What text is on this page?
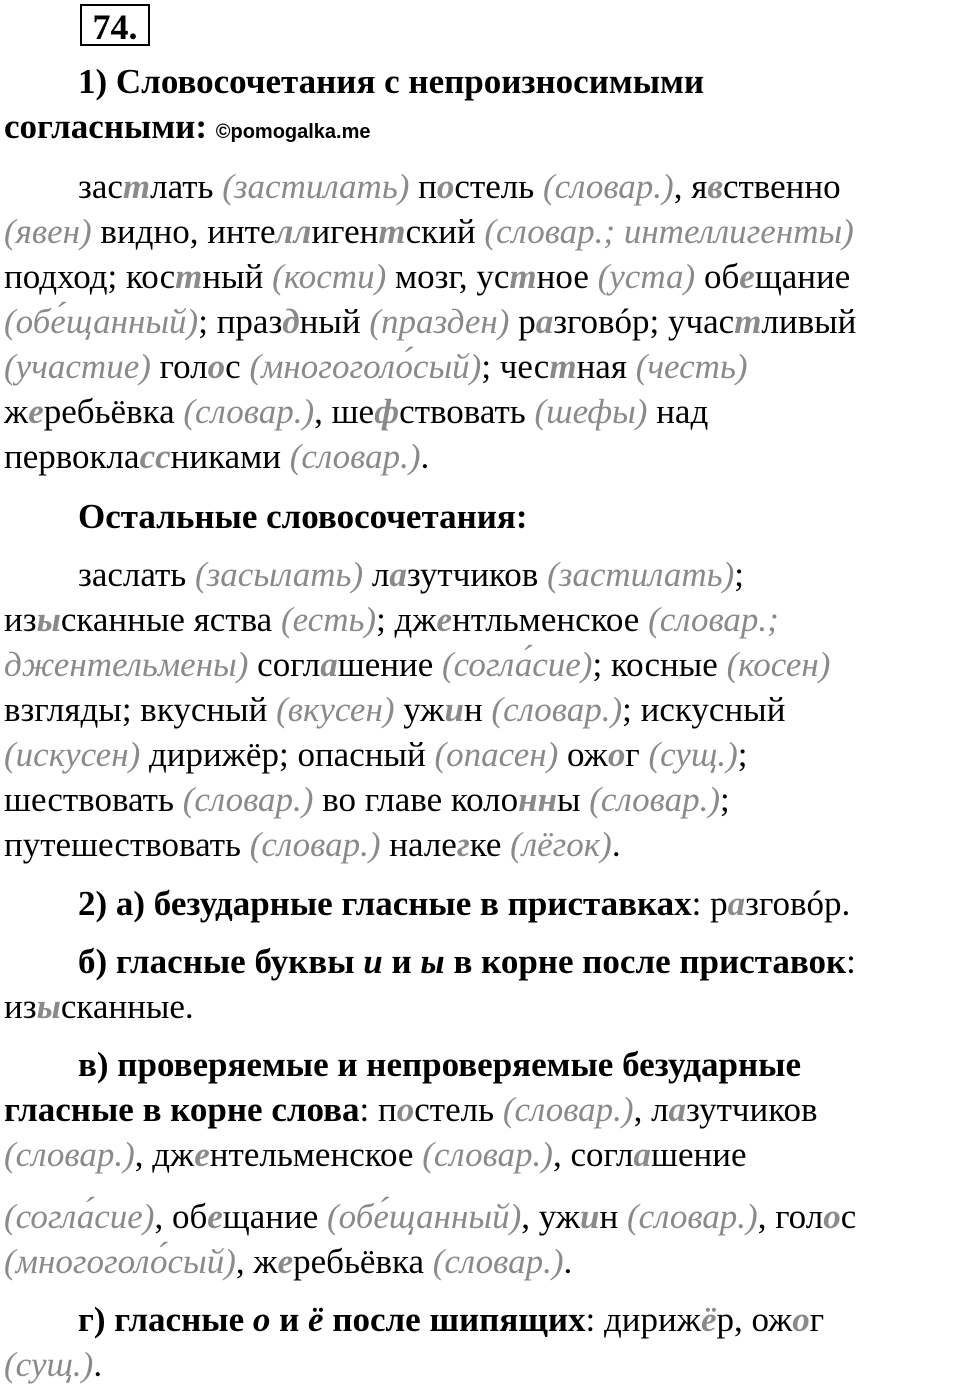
74.
1) Словосочетания с непроизносимыми
согласными: ©pomogalka.me
застлать (застилать) постель (словар.), явственно
(явен) видно, интеллигентский (словар.; интеллигенты)
подход; костный (кости) мозг, устное (уста) обещание
(обе́щанный); праздный (празден) разговóр; участливый
(участие) голос (многоголо́сый); честная (честь)
жеребьёвка (словар.), шефствовать (шефы) над
первоклассниками (словар.).
Остальные словосочетания:
заслать (засылать) лазутчиков (застилать);
изысканные яства (есть); джентльменское (словар.;
джентельмены) соглашение (согла́сие); косные (косен)
взгляды; вкусный (вкусен) ужин (словар.); искусный
(искусен) дирижёр; опасный (опасен) ожог (сущ.);
шествовать (словар.) во главе колонны (словар.);
путешествовать (словар.) налегке (лёгок).
2) а) безударные гласные в приставках: разговóр.
б) гласные буквы и и ы в корне после приставок:
изысканные.
в) проверяемые и непроверяемые безударные
гласные в корне слова: постель (словар.), лазутчиков
(словар.), джентельменское (словар.), соглашение
(согла́сие), обещание (обе́щанный), ужин (словар.), голос
(многоголо́сый), жеребьёвка (словар.).
г) гласные о и ё после шипящих: дирижёр, ожог
(сущ.).
